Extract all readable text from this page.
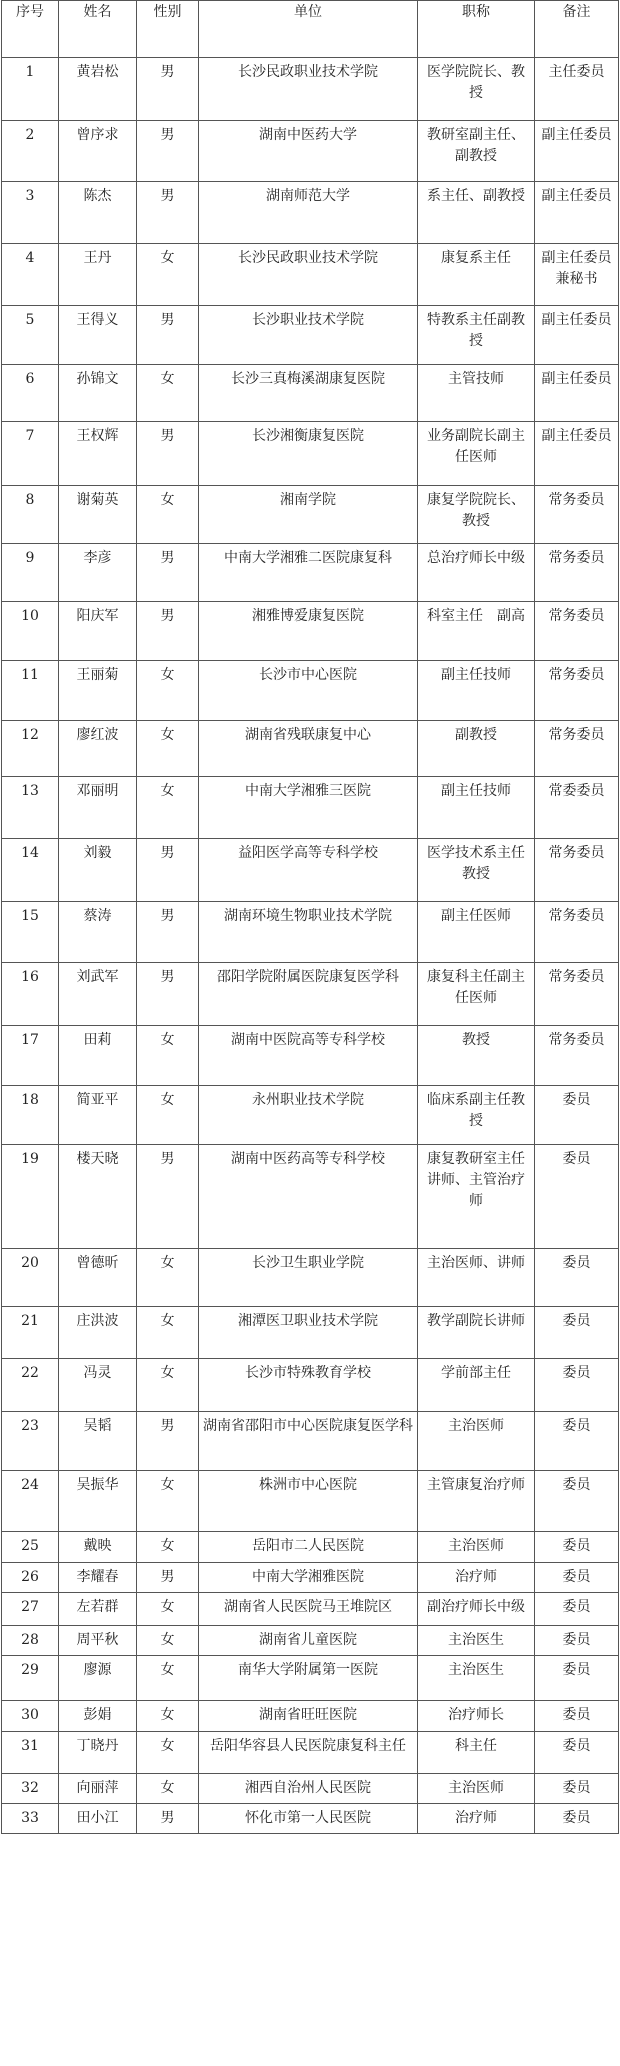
序号	姓名	性别	单位	职称	备注
1	黄岩松	男	长沙民政职业技术学院	医学院院长、教授	主任委员
2	曾序求	男	湖南中医药大学	教研室副主任、副教授	副主任委员
3	陈杰	男	湖南师范大学	系主任、副教授	副主任委员
4	王丹	女	长沙民政职业技术学院	康复系主任	副主任委员兼秘书
5	王得义	男	长沙职业技术学院	特教系主任副教授	副主任委员
6	孙锦文	女	长沙三真梅溪湖康复医院	主管技师	副主任委员
7	王权辉	男	长沙湘衡康复医院	业务副院长副主任医师	副主任委员
8	谢菊英	女	湘南学院	康复学院院长、教授	常务委员
9	李彦	男	中南大学湘雅二医院康复科	总治疗师长中级	常务委员
10	阳庆军	男	湘雅博爱康复医院	科室主任　副高	常务委员
11	王丽菊	女	长沙市中心医院	副主任技师	常务委员
12	廖红波	女	湖南省残联康复中心	副教授	常务委员
13	邓丽明	女	中南大学湘雅三医院	副主任技师	常委委员
14	刘毅	男	益阳医学高等专科学校	医学技术系主任　教授	常务委员
15	蔡涛	男	湖南环境生物职业技术学院	副主任医师	常务委员
16	刘武军	男	邵阳学院附属医院康复医学科	康复科主任副主任医师	常务委员
17	田莉	女	湖南中医院高等专科学校	教授	常务委员
18	简亚平	女	永州职业技术学院	临床系副主任教授	委员
19	楼天晓	男	湖南中医药高等专科学校	康复教研室主任　讲师、主管治疗师	委员
20	曾德昕	女	长沙卫生职业学院	主治医师、讲师	委员
21	庄洪波	女	湘潭医卫职业技术学院	教学副院长讲师	委员
22	冯灵	女	长沙市特殊教育学校	学前部主任	委员
23	吴韬	男	湖南省邵阳市中心医院康复医学科	主治医师	委员
24	吴振华	女	株洲市中心医院	主管康复治疗师	委员
25	戴映	女	岳阳市二人民医院	主治医师	委员
26	李耀春	男	中南大学湘雅医院	治疗师	委员
27	左若群	女	湖南省人民医院马王堆院区	副治疗师长中级	委员
28	周平秋	女	湖南省儿童医院	主治医生	委员
29	廖源	女	南华大学附属第一医院	主治医生	委员
30	彭娟	女	湖南省旺旺医院	治疗师长	委员
31	丁晓丹	女	岳阳华容县人民医院康复科主任	科主任	委员
32	向丽萍	女	湘西自治州人民医院	主治医师	委员
33	田小江	男	怀化市第一人民医院	治疗师	委员
